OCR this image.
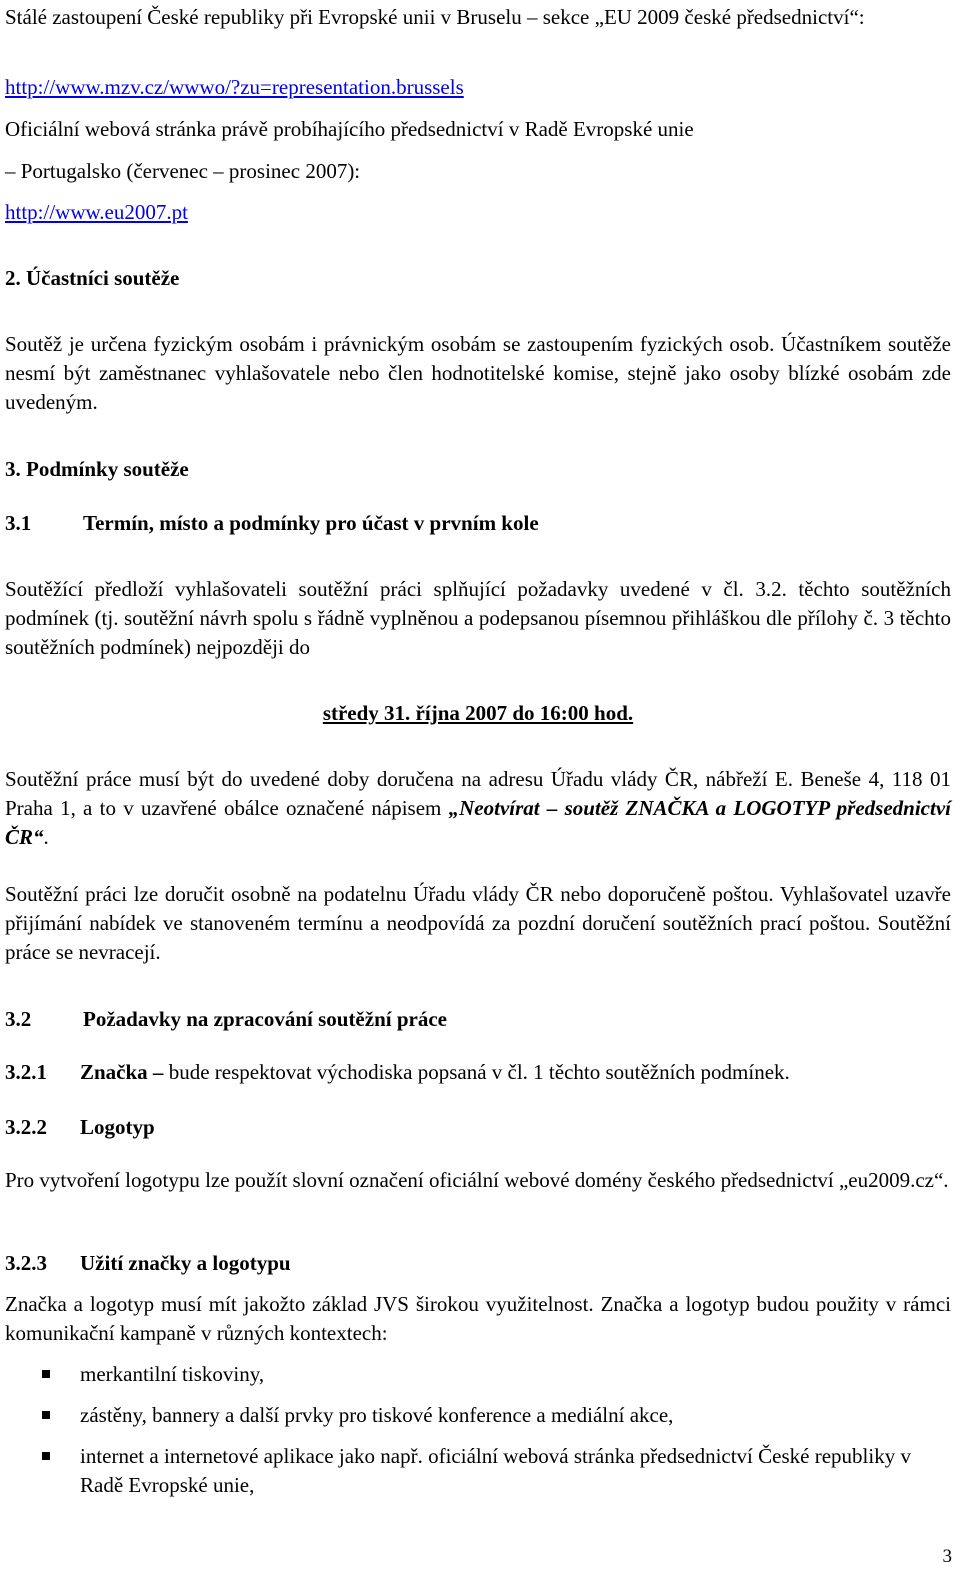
Stálé zastoupení České republiky při Evropské unii v Bruselu – sekce „EU 2009 české předsednictví“:
http://www.mzv.cz/wwwo/?zu=representation.brussels
Oficiální webová stránka právě probíhajícího předsednictví v Radě Evropské unie
– Portugalsko (červenec – prosinec 2007):
http://www.eu2007.pt
2. Účastníci soutěže
Soutěž je určena fyzickým osobám i právnickým osobám se zastoupením fyzických osob. Účastníkem soutěže nesmí být zaměstnanec vyhlašovatele nebo člen hodnotitelské komise, stejně jako osoby blízké osobám zde uvedeným.
3. Podmínky soutěže
3.1 Termín, místo a podmínky pro účast v prvním kole
Soutěžící předloží vyhlašovateli soutěžní práci splňující požadavky uvedené v čl. 3.2. těchto soutěžních podmínek (tj. soutěžní návrh spolu s řádně vyplněnou a podepsanou písemnou přihláškou dle přílohy č. 3 těchto soutěžních podmínek) nejpozději do
středy 31. října 2007 do 16:00 hod.
Soutěžní práce musí být do uvedené doby doručena na adresu Úřadu vlády ČR, nábřeží E. Beneše 4, 118 01 Praha 1, a to v uzavřené obálce označené nápisem „Neotvírat – soutěž ZNAČKA a LOGOTYP předsednictví ČR“.
Soutěžní práci lze doručit osobně na podatelnu Úřadu vlády ČR nebo doporučeně poštou. Vyhlašovatel uzavře přijímání nabídek ve stanoveném termínu a neodpovídá za pozdní doručení soutěžních prací poštou. Soutěžní práce se nevracejí.
3.2 Požadavky na zpracování soutěžní práce
3.2.1 Značka – bude respektovat východiska popsaná v čl. 1 těchto soutěžních podmínek.
3.2.2 Logotyp
Pro vytvoření logotypu lze použít slovní označení oficiální webové domény českého předsednictví „eu2009.cz“.
3.2.3 Užití značky a logotypu
Značka a logotyp musí mít jakožto základ JVS širokou využitelnost. Značka a logotyp budou použity v rámci komunikační kampaně v různých kontextech:
merkantilní tiskoviny,
zástěny, bannery a další prvky pro tiskové konference a mediální akce,
internet a internetové aplikace jako např. oficiální webová stránka předsednictví České republiky v Radě Evropské unie,
3
